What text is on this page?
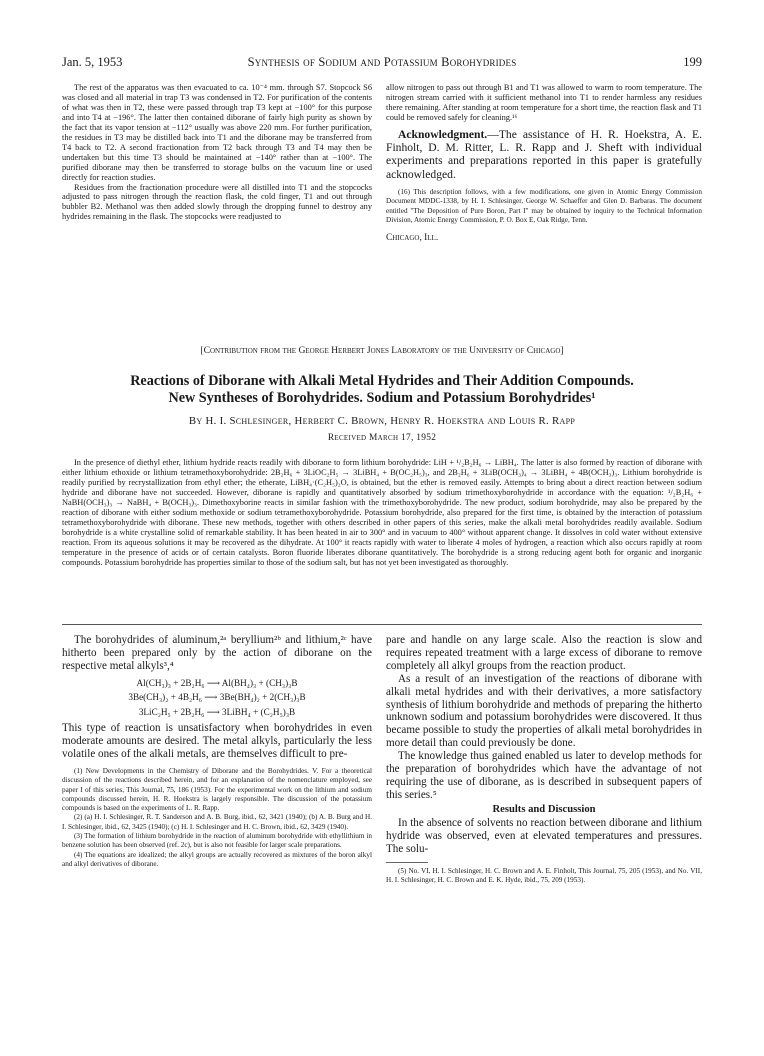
Jan. 5, 1953	Synthesis of Sodium and Potassium Borohydrides	199

The rest of the apparatus was then evacuated to ca. 10⁻⁴ mm. through S7. Stopcock S6 was closed and all material in trap T3 was condensed in T2. For purification of the contents of what was then in T2, these were passed through trap T3 kept at −100° for this purpose and into T4 at −196°. The latter then contained diborane of fairly high purity as shown by the fact that its vapor tension at −112° usually was above 220 mm. For further purification, the residues in T3 may be distilled back into T1 and the diborane may be transferred from T4 back to T2. A second fractionation from T2 back through T3 and T4 may then be undertaken but this time T3 should be maintained at −140° rather than at −100°. The purified diborane may then be transferred to storage bulbs on the vacuum line or used directly for reaction studies.

Residues from the fractionation procedure were all distilled into T1 and the stopcocks adjusted to pass nitrogen through the reaction flask, the cold finger, T1 and out through bubbler B2. Methanol was then added slowly through the dropping funnel to destroy any hydrides remaining in the flask. The stopcocks were readjusted to

allow nitrogen to pass out through B1 and T1 was allowed to warm to room temperature. The nitrogen stream carried with it sufficient methanol into T1 to render harmless any residues there remaining. After standing at room temperature for a short time, the reaction flask and T1 could be removed safely for cleaning.¹⁶

Acknowledgment.—The assistance of H. R. Hoekstra, A. E. Finholt, D. M. Ritter, L. R. Rapp and J. Sheft with individual experiments and preparations reported in this paper is gratefully acknowledged.

(16) This description follows, with a few modifications, one given in Atomic Energy Commission Document MDDC-1338, by H. I. Schlesinger, George W. Schaeffer and Glen D. Barbaras. The document entitled "The Deposition of Pure Boron, Part I" may be obtained by inquiry to the Technical Information Division, Atomic Energy Commission, P. O. Box E, Oak Ridge, Tenn.

Chicago, Ill.

[Contribution from the George Herbert Jones Laboratory of the University of Chicago]
Reactions of Diborane with Alkali Metal Hydrides and Their Addition Compounds.
New Syntheses of Borohydrides. Sodium and Potassium Borohydrides¹
By H. I. Schlesinger, Herbert C. Brown, Henry R. Hoekstra and Louis R. Rapp
Received March 17, 1952

In the presence of diethyl ether, lithium hydride reacts readily with diborane to form lithium borohydride: LiH + ¹/₂B₂H₆ → LiBH₄. The latter is also formed by reaction of diborane with either lithium ethoxide or lithium tetramethoxyborohydride: 2B₂H₆ + 3LiOC₂H₅ → 3LiBH₄ + B(OC₂H₅)₃, and 2B₂H₆ + 3LiB(OCH₃)₄ → 3LiBH₄ + 4B(OCH₃)₃. Lithium borohydride is readily purified by recrystallization from ethyl ether; the etherate, LiBH₄·(C₂H₅)₂O, is obtained, but the ether is removed easily. Attempts to bring about a direct reaction between sodium hydride and diborane have not succeeded. However, diborane is rapidly and quantitatively absorbed by sodium trimethoxyborohydride in accordance with the equation: ¹/₂B₂H₆ + NaBH(OCH₃)₃ → NaBH₄ + B(OCH₃)₃. Dimethoxyborine reacts in similar fashion with the trimethoxyborohydride. The new product, sodium borohydride, may also be prepared by the reaction of diborane with either sodium methoxide or sodium tetramethoxyborohydride. Potassium borohydride, also prepared for the first time, is obtained by the interaction of potassium tetramethoxyborohydride with diborane. These new methods, together with others described in other papers of this series, make the alkali metal borohydrides readily available. Sodium borohydride is a white crystalline solid of remarkable stability. It has been heated in air to 300° and in vacuum to 400° without apparent change. It dissolves in cold water without extensive reaction. From its aqueous solutions it may be recovered as the dihydrate. At 100° it reacts rapidly with water to liberate 4 moles of hydrogen, a reaction which also occurs rapidly at room temperature in the presence of acids or of certain catalysts. Boron fluoride liberates diborane quantitatively. The borohydride is a strong reducing agent both for organic and inorganic compounds. Potassium borohydride has properties similar to those of the sodium salt, but has not yet been investigated as thoroughly.

The borohydrides of aluminum,²ᵃ beryllium²ᵇ and lithium,²ᶜ have hitherto been prepared only by the action of diborane on the respective metal alkyls³,⁴

Al(CH₃)₃ + 2B₂H₆ ⟶ Al(BH₄)₃ + (CH₃)₃B
3Be(CH₃)₂ + 4B₂H₆ ⟶ 3Be(BH₄)₂ + 2(CH₃)₃B
3LiC₂H₅ + 2B₂H₆ ⟶ 3LiBH₄ + (C₂H₅)₃B

This type of reaction is unsatisfactory when borohydrides in even moderate amounts are desired. The metal alkyls, particularly the less volatile ones of the alkali metals, are themselves difficult to pre-

(1) New Developments in the Chemistry of Diborane and the Borohydrides. V. For a theoretical discussion of the reactions described herein, and for an explanation of the nomenclature employed, see paper I of this series, This Journal, 75, 186 (1953). For the experimental work on the lithium and sodium compounds discussed herein, H. R. Hoekstra is largely responsible. The discussion of the potassium compounds is based on the experiments of L. R. Rapp.

(2) (a) H. I. Schlesinger, R. T. Sanderson and A. B. Burg, ibid., 62, 3421 (1940); (b) A. B. Burg and H. I. Schlesinger, ibid., 62, 3425 (1940); (c) H. I. Schlesinger and H. C. Brown, ibid., 62, 3429 (1940).

(3) The formation of lithium borohydride in the reaction of aluminum borohydride with ethyllithium in benzene solution has been observed (ref. 2c), but is also not feasible for larger scale preparations.

(4) The equations are idealized; the alkyl groups are actually recovered as mixtures of the boron alkyl and alkyl derivatives of diborane.

pare and handle on any large scale. Also the reaction is slow and requires repeated treatment with a large excess of diborane to remove completely all alkyl groups from the reaction product.

As a result of an investigation of the reactions of diborane with alkali metal hydrides and with their derivatives, a more satisfactory synthesis of lithium borohydride and methods of preparing the hitherto unknown sodium and potassium borohydrides were discovered. It thus became possible to study the properties of alkali metal borohydrides in more detail than could previously be done.

The knowledge thus gained enabled us later to develop methods for the preparation of borohydrides which have the advantage of not requiring the use of diborane, as is described in subsequent papers of this series.⁵

Results and Discussion

In the absence of solvents no reaction between diborane and lithium hydride was observed, even at elevated temperatures and pressures. The solu-

(5) No. VI, H. I. Schlesinger, H. C. Brown and A. E. Finholt, This Journal, 75, 205 (1953), and No. VII, H. I. Schlesinger, H. C. Brown and E. K. Hyde, ibid., 75, 209 (1953).
